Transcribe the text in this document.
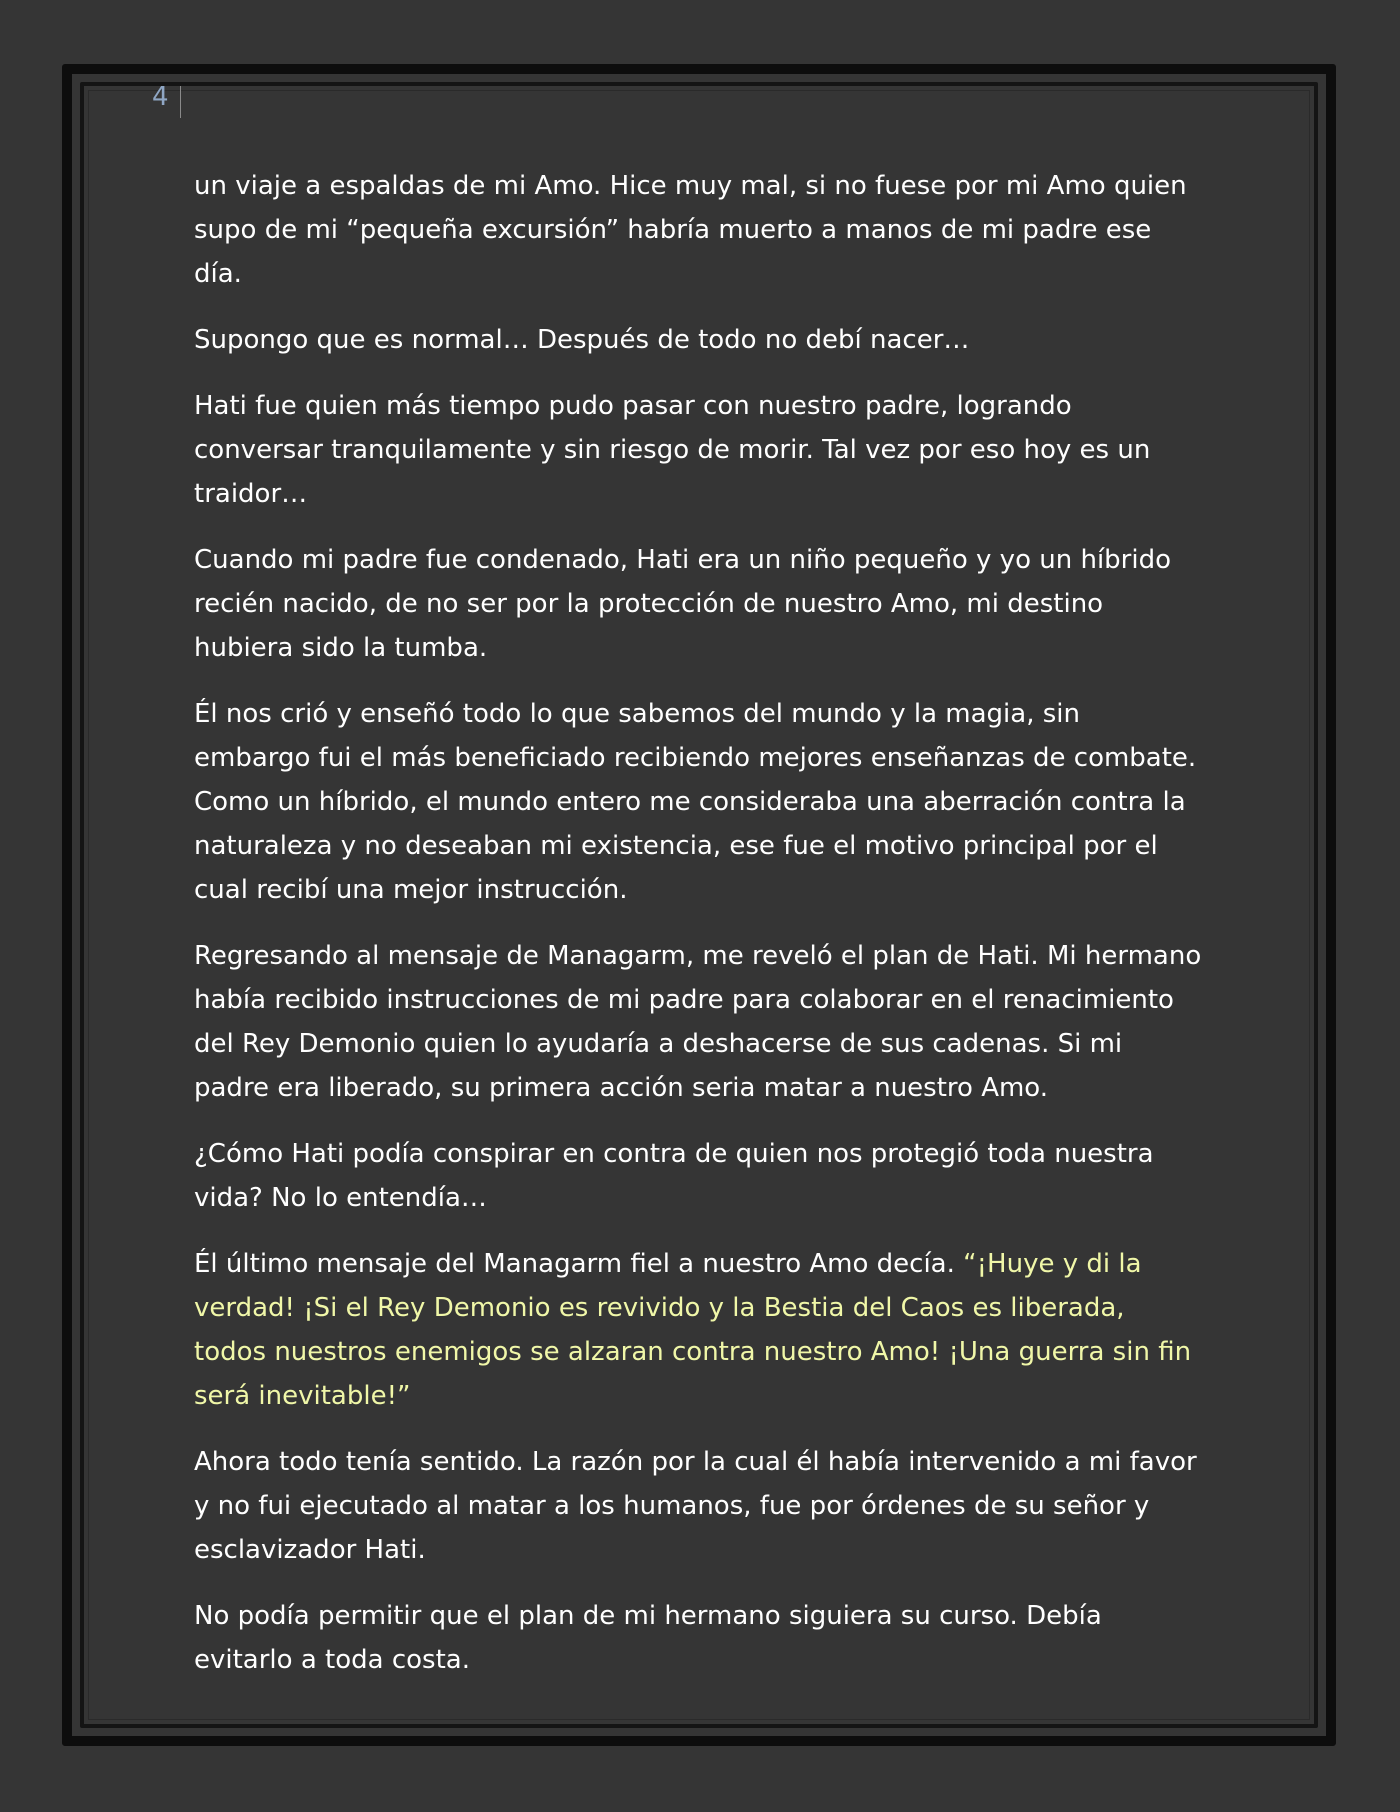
4

un viaje a espaldas de mi Amo. Hice muy mal, si no fuese por mi Amo quien supo de mi “pequeña excursión” habría muerto a manos de mi padre ese día.

Supongo que es normal… Después de todo no debí nacer…

Hati fue quien más tiempo pudo pasar con nuestro padre, logrando conversar tranquilamente y sin riesgo de morir. Tal vez por eso hoy es un traidor…

Cuando mi padre fue condenado, Hati era un niño pequeño y yo un híbrido recién nacido, de no ser por la protección de nuestro Amo, mi destino hubiera sido la tumba.

Él nos crió y enseñó todo lo que sabemos del mundo y la magia, sin embargo fui el más beneficiado recibiendo mejores enseñanzas de combate. Como un híbrido, el mundo entero me consideraba una aberración contra la naturaleza y no deseaban mi existencia, ese fue el motivo principal por el cual recibí una mejor instrucción.

Regresando al mensaje de Managarm, me reveló el plan de Hati. Mi hermano había recibido instrucciones de mi padre para colaborar en el renacimiento del Rey Demonio quien lo ayudaría a deshacerse de sus cadenas. Si mi padre era liberado, su primera acción seria matar a nuestro Amo.

¿Cómo Hati podía conspirar en contra de quien nos protegió toda nuestra vida? No lo entendía…

Él último mensaje del Managarm fiel a nuestro Amo decía. “¡Huye y di la verdad! ¡Si el Rey Demonio es revivido y la Bestia del Caos es liberada, todos nuestros enemigos se alzaran contra nuestro Amo! ¡Una guerra sin fin será inevitable!”

Ahora todo tenía sentido. La razón por la cual él había intervenido a mi favor y no fui ejecutado al matar a los humanos, fue por órdenes de su señor y esclavizador Hati.

No podía permitir que el plan de mi hermano siguiera su curso. Debía evitarlo a toda costa.
